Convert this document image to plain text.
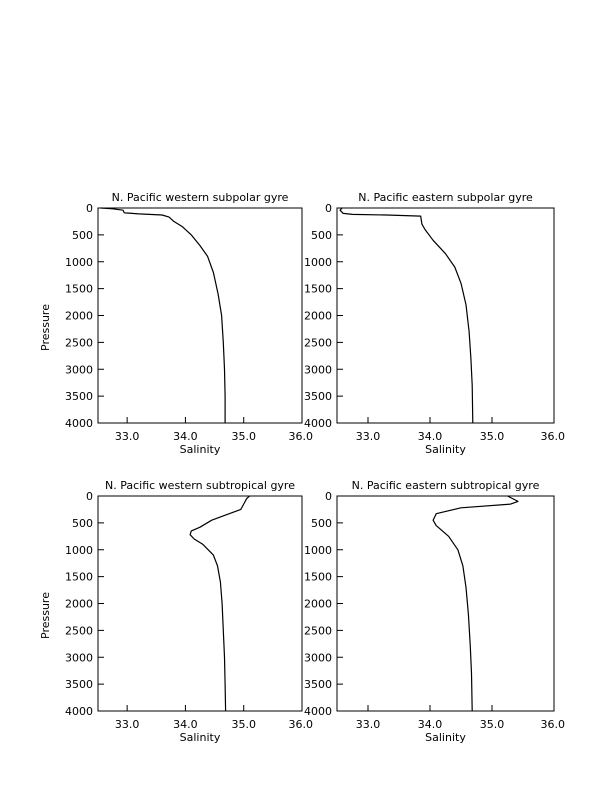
N. Pacific western subpolar gyre
33.0	34.0	35.0	36.0
0
500
1000
1500
2000
2500
3000
3500
4000
Salinity
Pressure
N. Pacific eastern subpolar gyre
33.0	34.0	35.0	36.0
0
500
1000
1500
2000
2500
3000
3500
4000
Salinity
N. Pacific western subtropical gyre
33.0	34.0	35.0	36.0
0
500
1000
1500
2000
2500
3000
3500
4000
Salinity
Pressure
N. Pacific eastern subtropical gyre
33.0	34.0	35.0	36.0
0
500
1000
1500
2000
2500
3000
3500
4000
Salinity
